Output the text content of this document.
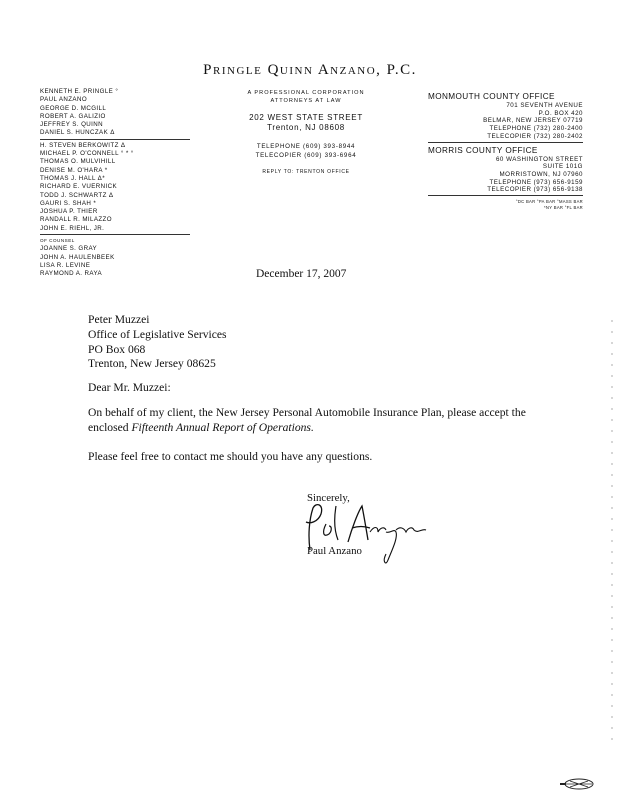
Pringle Quinn Anzano, P.C.
KENNETH E. PRINGLE °
PAUL ANZANO
GEORGE D. MCGILL
ROBERT A. GALIZIO
JEFFREY S. QUINN
DANIEL S. HUNCZAK Δ
H. STEVEN BERKOWITZ Δ
MICHAEL P. O'CONNELL ° * °
THOMAS O. MULVIHILL
DENISE M. O'HARA *
THOMAS J. HALL Δ*
RICHARD E. VUERNICK
TODD J. SCHWARTZ Δ
GAURI S. SHAH *
JOSHUA P. THIER
RANDALL R. MILAZZO
JOHN E. RIEHL, JR.
OF COUNSEL
JOANNE S. GRAY
JOHN A. HAULENBEEK
LISA R. LEVINE
RAYMOND A. RAYA
A PROFESSIONAL CORPORATION
ATTORNEYS AT LAW
202 WEST STATE STREET
Trenton, NJ 08608
TELEPHONE (609) 393-8944
TELECOPIER (609) 393-6964
REPLY TO: TRENTON OFFICE
MONMOUTH COUNTY OFFICE
701 SEVENTH AVENUE
P.O. BOX 420
BELMAR, NEW JERSEY 07719
TELEPHONE (732) 280-2400
TELECOPIER (732) 280-2402
MORRIS COUNTY OFFICE
60 WASHINGTON STREET
SUITE 101G
MORRISTOWN, NJ 07960
TELEPHONE (973) 656-9159
TELECOPIER (973) 656-9138
°DC BAR °PA BAR °MASS BAR
*NY BAR °FL BAR
December 17, 2007
Peter Muzzei
Office of Legislative Services
PO Box 068
Trenton, New Jersey 08625
Dear Mr. Muzzei:
On behalf of my client, the New Jersey Personal Automobile Insurance Plan, please accept the enclosed Fifteenth Annual Report of Operations.
Please feel free to contact me should you have any questions.
Sincerely,
Paul Anzano
